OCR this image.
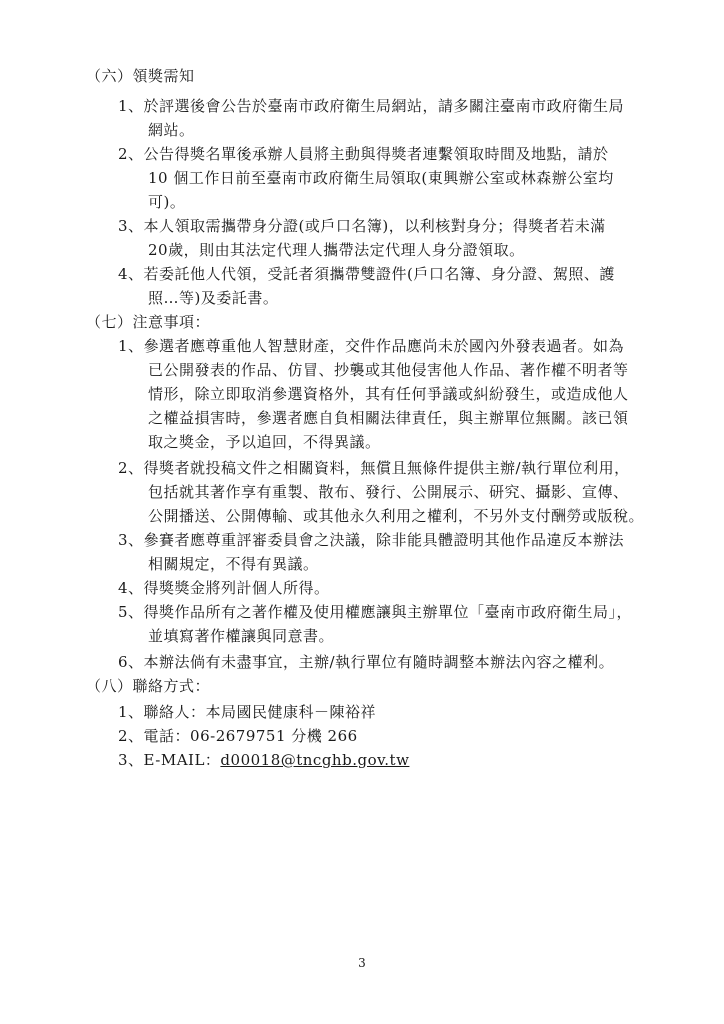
（六）領獎需知
1、於評選後會公告於臺南市政府衛生局網站，請多關注臺南市政府衛生局
網站。
2、公告得獎名單後承辦人員將主動與得獎者連繫領取時間及地點，請於
10 個工作日前至臺南市政府衛生局領取(東興辦公室或林森辦公室均
可)。
3、本人領取需攜帶身分證(或戶口名簿)，以利核對身分；得獎者若未滿
20歲，則由其法定代理人攜帶法定代理人身分證領取。
4、若委託他人代領，受託者須攜帶雙證件(戶口名簿、身分證、駕照、護
照…等)及委託書。
（七）注意事項：
1、參選者應尊重他人智慧財產，交件作品應尚未於國內外發表過者。如為
已公開發表的作品、仿冒、抄襲或其他侵害他人作品、著作權不明者等
情形，除立即取消參選資格外，其有任何爭議或糾紛發生，或造成他人
之權益損害時，參選者應自負相關法律責任，與主辦單位無關。該已領
取之獎金，予以追回，不得異議。
2、得獎者就投稿文件之相關資料，無償且無條件提供主辦/執行單位利用，
包括就其著作享有重製、散布、發行、公開展示、研究、攝影、宣傳、
公開播送、公開傳輸、或其他永久利用之權利，不另外支付酬勞或版稅。
3、參賽者應尊重評審委員會之決議，除非能具體證明其他作品違反本辦法
相關規定，不得有異議。
4、得獎獎金將列計個人所得。
5、得獎作品所有之著作權及使用權應讓與主辦單位「臺南市政府衛生局」，
並填寫著作權讓與同意書。
6、本辦法倘有未盡事宜，主辦/執行單位有隨時調整本辦法內容之權利。
（八）聯絡方式：
1、聯絡人：本局國民健康科－陳裕祥
2、電話：06-2679751 分機 266
3、E-MAIL：d00018@tncghb.gov.tw
3
